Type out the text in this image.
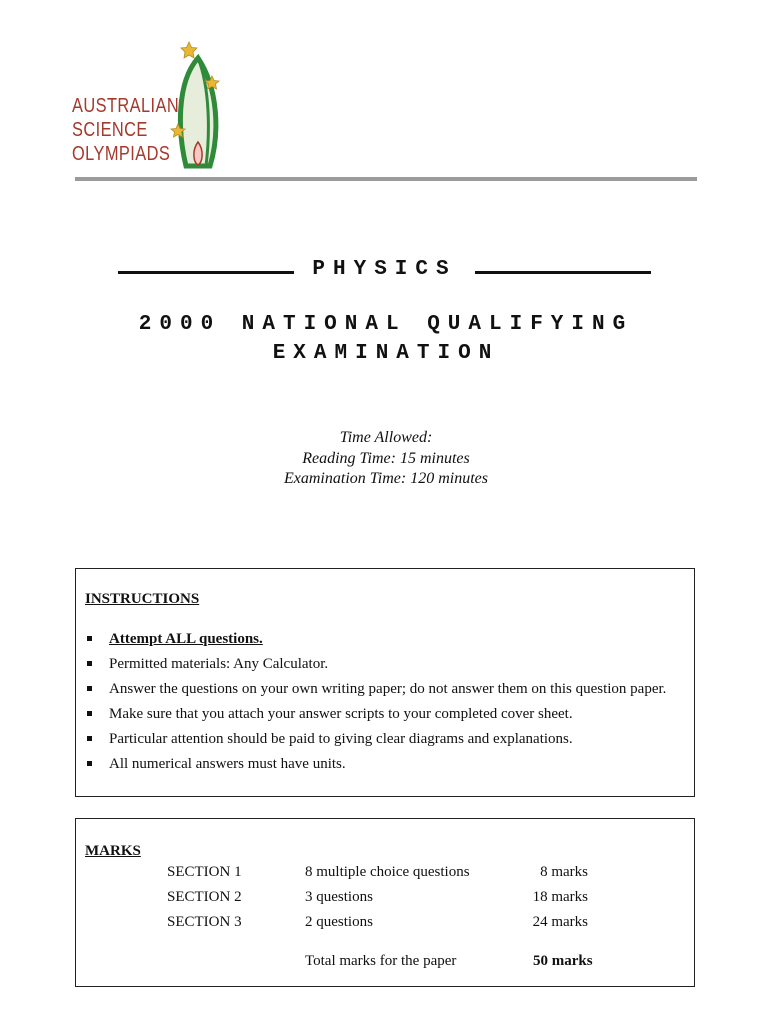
AUSTRALIAN
SCIENCE
OLYMPIADS
PHYSICS
2000 NATIONAL QUALIFYING
EXAMINATION
Time Allowed:
Reading Time: 15 minutes
Examination Time: 120 minutes
INSTRUCTIONS
Attempt ALL questions.
Permitted materials: Any Calculator.
Answer the questions on your own writing paper; do not answer them on this question paper.
Make sure that you attach your answer scripts to your completed cover sheet.
Particular attention should be paid to giving clear diagrams and explanations.
All numerical answers must have units.
MARKS
SECTION 1	8 multiple choice questions	8 marks
SECTION 2	3 questions	18 marks
SECTION 3	2 questions	24 marks
Total marks for the paper	50 marks
